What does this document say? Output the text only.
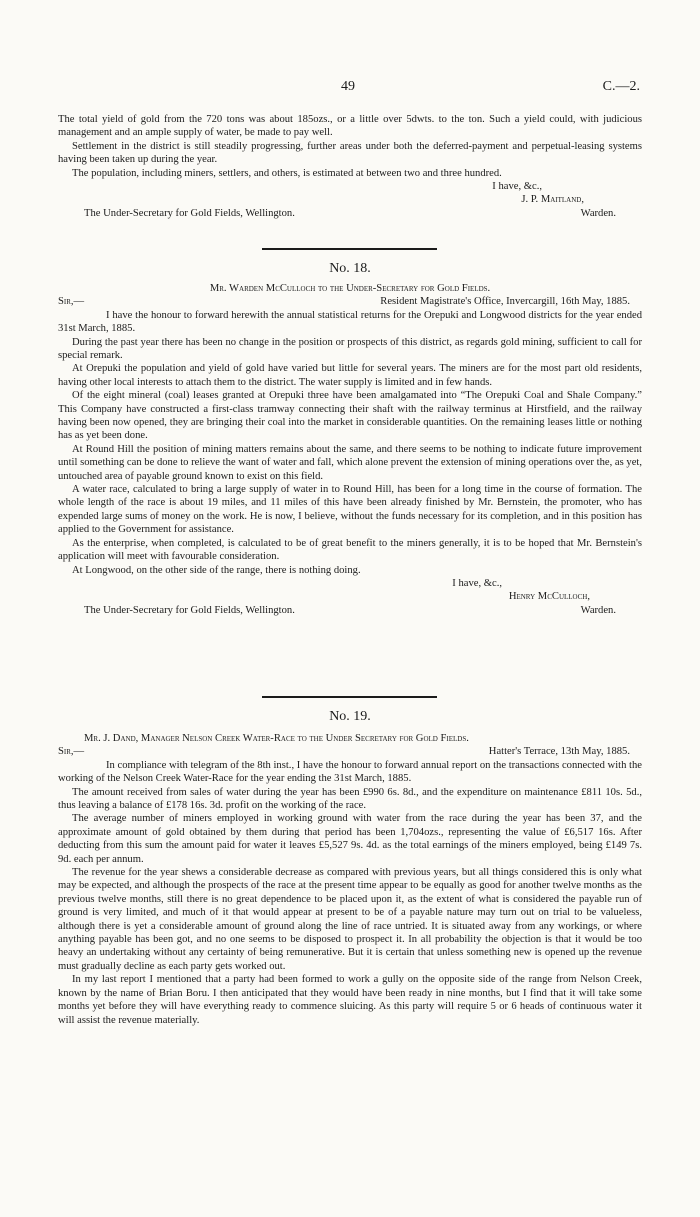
49	C.—2.

The total yield of gold from the 720 tons was about 185ozs., or a little over 5dwts. to the ton. Such a yield could, with judicious management and an ample supply of water, be made to pay well.

Settlement in the district is still steadily progressing, further areas under both the deferred-payment and perpetual-leasing systems having been taken up during the year.

The population, including miners, settlers, and others, is estimated at between two and three hundred.

I have, &c.,
J. P. Maitland,
The Under-Secretary for Gold Fields, Wellington.	Warden.
No. 18.

Mr. Warden McCulloch to the Under-Secretary for Gold Fields.

Sir,—	Resident Magistrate's Office, Invercargill, 16th May, 1885.

I have the honour to forward herewith the annual statistical returns for the Orepuki and Longwood districts for the year ended 31st March, 1885.

During the past year there has been no change in the position or prospects of this district, as regards gold mining, sufficient to call for special remark.

At Orepuki the population and yield of gold have varied but little for several years. The miners are for the most part old residents, having other local interests to attach them to the district. The water supply is limited and in few hands.

Of the eight mineral (coal) leases granted at Orepuki three have been amalgamated into “The Orepuki Coal and Shale Company.” This Company have constructed a first-class tramway connecting their shaft with the railway terminus at Hirstfield, and the railway having been now opened, they are bringing their coal into the market in considerable quantities. On the remaining leases little or nothing has as yet been done.

At Round Hill the position of mining matters remains about the same, and there seems to be nothing to indicate future improvement until something can be done to relieve the want of water and fall, which alone prevent the extension of mining operations over the, as yet, untouched area of payable ground known to exist on this field.

A water race, calculated to bring a large supply of water in to Round Hill, has been for a long time in the course of formation. The whole length of the race is about 19 miles, and 11 miles of this have been already finished by Mr. Bernstein, the promoter, who has expended large sums of money on the work. He is now, I believe, without the funds necessary for its completion, and in this position has applied to the Government for assistance.

As the enterprise, when completed, is calculated to be of great benefit to the miners generally, it is to be hoped that Mr. Bernstein's application will meet with favourable consideration.

At Longwood, on the other side of the range, there is nothing doing.

I have, &c.,
Henry McCulloch,
The Under-Secretary for Gold Fields, Wellington.	Warden.
No. 19.

Mr. J. Dand, Manager Nelson Creek Water-Race to the Under Secretary for Gold Fields.

Sir,—	Hatter's Terrace, 13th May, 1885.

In compliance with telegram of the 8th inst., I have the honour to forward annual report on the transactions connected with the working of the Nelson Creek Water-Race for the year ending the 31st March, 1885.

The amount received from sales of water during the year has been £990 6s. 8d., and the expenditure on maintenance £811 10s. 5d., thus leaving a balance of £178 16s. 3d. profit on the working of the race.

The average number of miners employed in working ground with water from the race during the year has been 37, and the approximate amount of gold obtained by them during that period has been 1,704ozs., representing the value of £6,517 16s. After deducting from this sum the amount paid for water it leaves £5,527 9s. 4d. as the total earnings of the miners employed, being £149 7s. 9d. each per annum.

The revenue for the year shews a considerable decrease as compared with previous years, but all things considered this is only what may be expected, and although the prospects of the race at the present time appear to be equally as good for another twelve months as the previous twelve months, still there is no great dependence to be placed upon it, as the extent of what is considered the payable run of ground is very limited, and much of it that would appear at present to be of a payable nature may turn out on trial to be valueless, although there is yet a considerable amount of ground along the line of race untried. It is situated away from any workings, or where anything payable has been got, and no one seems to be disposed to prospect it. In all probability the objection is that it would be too heavy an undertaking without any certainty of being remunerative. But it is certain that unless something new is opened up the revenue must gradually decline as each party gets worked out.

In my last report I mentioned that a party had been formed to work a gully on the opposite side of the range from Nelson Creek, known by the name of Brian Boru. I then anticipated that they would have been ready in nine months, but I find that it will take some months yet before they will have everything ready to commence sluicing. As this party will require 5 or 6 heads of continuous water it will assist the revenue materially.
